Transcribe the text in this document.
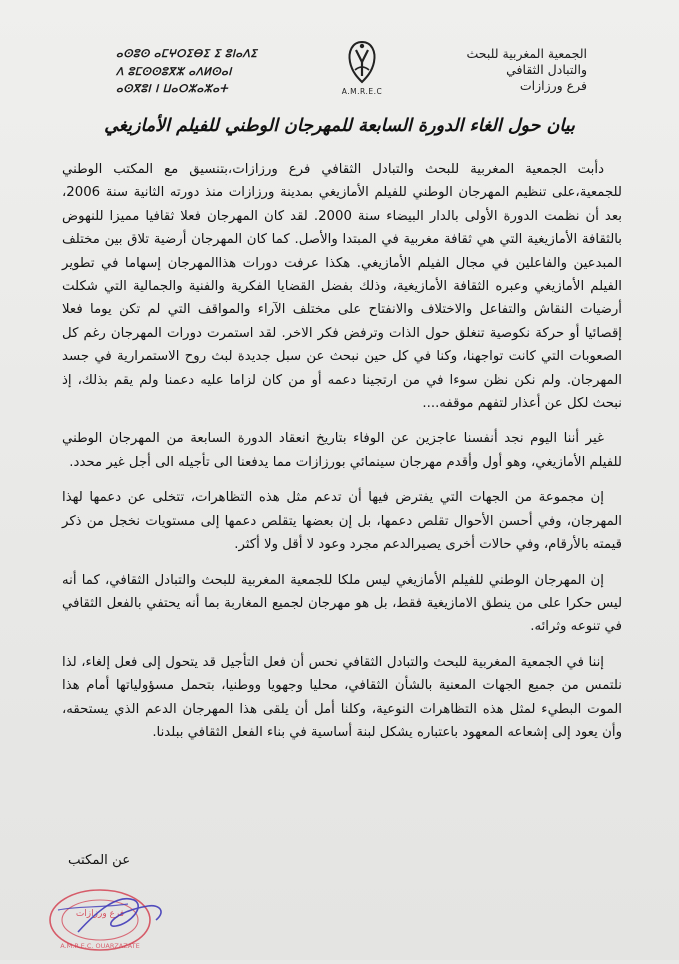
الجمعية المغربية للبحث
والتبادل الثقافي
فرع ورزازات
A.M.R.E.C
ⴰⵙⵓⵙ ⴰⵎⵖⵔⵉⴱⵉ ⵉ ⵓⵏⴰⴷⵉ
ⴷ ⵓⵎⵙⵙⵓⴳⵣ ⴰⴷⵍⵙⴰⵏ
ⴰⵙⴳⵓⵏ ⵏ ⵡⴰⵔⵣⴰⵣⴰⵜ
بيان حول الغاء الدورة السابعة للمهرجان الوطني للفيلم الأمازيغي

دأبت الجمعية المغربية للبحث والتبادل الثقافي فرع ورزازات،بتنسيق مع المكتب الوطني للجمعية،على تنظيم المهرجان الوطني للفيلم الأمازيغي بمدينة ورزازات منذ دورته الثانية سنة 2006، بعد أن نظمت الدورة الأولى بالدار البيضاء سنة 2000. لقد كان المهرجان فعلا ثقافيا مميزا للنهوض بالثقافة الأمازيغية التي هي ثقافة مغربية في المبتدا والأصل. كما كان المهرجان أرضية تلاق بين مختلف المبدعين والفاعلين في مجال الفيلم الأمازيغي. هكذا عرفت دورات هذاالمهرجان إسهاما في تطوير الفيلم الأمازيغي وعبره الثقافة الأمازيغية، وذلك بفضل القضايا الفكرية والفنية والجمالية التي شكلت أرضيات النقاش والتفاعل والاختلاف والانفتاح على مختلف الآراء والمواقف التي لم تكن يوما فعلا إقصائيا أو حركة نكوصية تنغلق حول الذات وترفض فكر الاخر. لقد استمرت دورات المهرجان رغم كل الصعوبات التي كانت تواجهنا، وكنا في كل حين نبحث عن سبل جديدة لبث روح الاستمرارية في جسد المهرجان. ولم نكن نظن سوءا في من ارتجينا دعمه أو من كان لزاما عليه دعمنا ولم يقم بذلك، إذ نبحث لكل عن أعذار لتفهم موقفه....

غير أننا اليوم نجد أنفسنا عاجزين عن الوفاء بتاريخ انعقاد الدورة السابعة من المهرجان الوطني للفيلم الأمازيغي، وهو أول وأقدم مهرجان سينمائي بورزازات مما يدفعنا الى تأجيله الى أجل غير محدد.

إن مجموعة من الجهات التي يفترض فيها أن تدعم مثل هذه التظاهرات، تتخلى عن دعمها لهذا المهرجان، وفي أحسن الأحوال تقلص دعمها، بل إن بعضها يتقلص دعمها إلى مستويات نخجل من ذكر قيمته بالأرقام، وفي حالات أخرى يصيرالدعم مجرد وعود لا أقل ولا أكثر.

إن المهرجان الوطني للفيلم الأمازيغي ليس ملكا للجمعية المغربية للبحث والتبادل الثقافي، كما أنه ليس حكرا على من ينطق الامازيغية فقط، بل هو مهرجان لجميع المغاربة بما أنه يحتفي بالفعل الثقافي في تنوعه وثرائه.

إننا في الجمعية المغربية للبحث والتبادل الثقافي نحس أن فعل التأجيل قد يتحول إلى فعل إلغاء، لذا نلتمس من جميع الجهات المعنية بالشأن الثقافي، محليا وجهويا ووطنيا، بتحمل مسؤولياتها أمام هذا الموت البطيء لمثل هذه التظاهرات النوعية، وكلنا أمل أن يلقى هذا المهرجان الدعم الذي يستحقه، وأن يعود إلى إشعاعه المعهود باعتباره يشكل لبنة أساسية في بناء الفعل الثقافي ببلدنا.

عن المكتب
فرع ورزازات
A.M.R.E.C. OUARZAZATE
